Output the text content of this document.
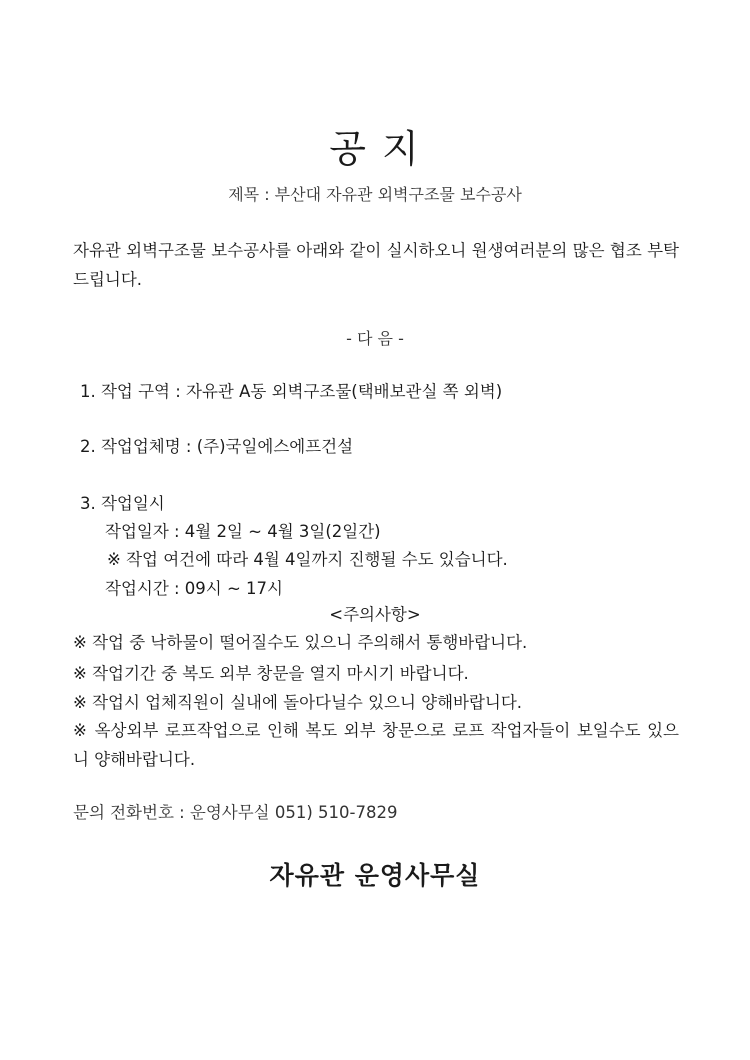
공 지
제목 : 부산대 자유관 외벽구조물 보수공사
자유관 외벽구조물 보수공사를 아래와 같이 실시하오니 원생여러분의 많은 협조 부탁드립니다.
- 다 음 -
1. 작업 구역 : 자유관 A동 외벽구조물(택배보관실 쪽 외벽)
2. 작업업체명 : (주)국일에스에프건설
3. 작업일시
작업일자 : 4월 2일 ~ 4월 3일(2일간)
※ 작업 여건에 따라 4월 4일까지 진행될 수도 있습니다.
작업시간 : 09시 ~ 17시
<주의사항>
※ 작업 중 낙하물이 떨어질수도 있으니 주의해서 통행바랍니다.
※ 작업기간 중 복도 외부 창문을 열지 마시기 바랍니다.
※ 작업시 업체직원이 실내에 돌아다닐수 있으니 양해바랍니다.
※ 옥상외부 로프작업으로 인해 복도 외부 창문으로 로프 작업자들이 보일수도 있으니 양해바랍니다.
문의 전화번호 : 운영사무실 051) 510-7829
자유관 운영사무실
